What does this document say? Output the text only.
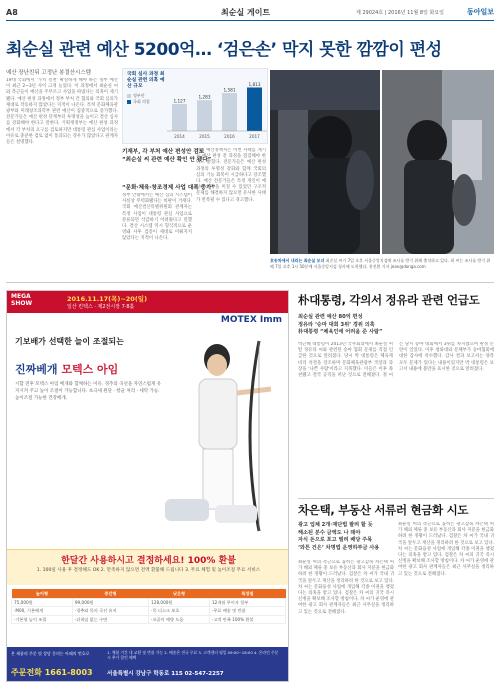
A8	최순실 게이트	제 29024호 | 2016년 11월 8일 화요일	동아일보
최순실 관련 예산 5200억… ‘검은손’ 막지 못한 깜깜이 편성
예산 장난친뒤 고정난 봉결산시스템
19대 국회에서 '가치 실천' 확실하게 해야 하는 정부 예산이 최근 2~3년 사이 크게 늘었다. 이 과정에서 최순실 씨와 측근들이 예산을 주무르고 사업을 따냈다는 의혹이 제기됐다. 예산 편성 과정에서 정부 부처 간 협의와 국회 심의가 제대로 작동하지 않았다는 지적이 나온다. 특히 문화체육관광부와 미래창조과학부 관련 예산이 집중적으로 증가했다. 전문가들은 예산 편성 단계부터 투명성을 높이고 결산 심사를 강화해야 한다고 말한다. 기획재정부는 예산 편성 과정에서 각 부처의 요구를 검토하지만 대통령 관심 사업이라는 이유로 충분한 검토 없이 통과되는 경우가 많았다고 관계자들은 설명했다.
국회 심사 과정 최순실 관련 의혹 예산 규모
정부안
국회 의결	1,127
2014
1,283
2015
1,581
2016
1,813
2017
기재부, 각 부처 예산 편성안 검토
“최순실 씨 관련 예산 확인 안 됐다”
“문화·체육·창조경제 사업 대폭 증가”
정부 안팎에서는 예산 심의 시스템이 사실상 무력화됐다는 비판이 거세다. 국회 예산결산특별위원회 관계자는 특정 사업이 대통령 관심 사업으로 분류되면 삭감하기 어려웠다고 말했다. 결산 시스템 역시 형식적으로 운영돼 사후 검증이 제대로 이뤄지지 않았다는 지적이 나온다.
국회 예산정책처는 이번 사태를 계기로 예산 편성 전 과정을 점검해야 한다고 밝혔다. 전문가들은 예산 편성 과정의 투명성 강화와 함께 국회의 심의 기능 회복이 시급하다고 강조했다. 예산 전문가들은 특정 개인이 예산에 영향을 미칠 수 있었던 구조적 문제를 해결하지 않으면 유사한 사태가 반복될 수 있다고 경고했다.
호송차에서 내리는 최순실 모녀 최순실 씨가 7일 오후 서울중앙지검에 조사를 받기 위해 출석하고 있다. 최 씨는 조사를 받기 위해 7일 오후 1시 50분께 서울중앙지검 청사에 도착했다. 홍진환 기자 jean@donga.com
MEGA
SHOW
2016.11.17(목)~20(일)
일산 킨텍스 · 제2전시장 7·8홀
MOTEX Imm
기보배가 선택한 늘이 조절되는
진짜베개 모텍스 아임
시합 전후 모텍스 아임 베개와 함께하는 이유. 경추의 곡선을 자연스럽게 유지시켜 주고 높이 조절이 가능합니다. 초극세 원단 · 항균 처리 · 세탁 가능. 높이조절 가능한 건강베개.
한달간 사용하시고 결정하세요! 100% 환불
1. 100일 사용 후 결정해도 OK 2. 만족하지 않으면 전액 환불해 드립니다 3. 무료 체험 및 높이조절 무료 서비스
높이형	중간형	낮은형	특장점
75,000원	99,000원	128,000원	12개월 무이자 할부
·M00, 기본베개	·경추와 목의 곡선 유지	·목 디스크 보호	·무료 배송 및 반품
·기본형 높이 조절	·뒤척임 없는 수면	·코골이 예방 도움	·고객 만족 100% 환불
본 제품의 주문 및 상담 문의는 아래의 번호로
주문전화 1661-8003
1. 체험 기간 내 교환 및 반품 가능 2. 배송은 전국 무료 3. 고객센터 평일 09:00~18:00 4. 온라인 주문 시 추가 할인 혜택
서울특별시 강남구 학동로 115 02-547-2257
朴대통령, 각의서 정유라 관련 언급도
최순실 관련 예산 80억 편성
정유라 ‘승마 대회 3위’ 경위 의혹
朴대통령 “체육인에 어려움 준 사람”
박근혜 대통령이 2013년 국무회의에서 최순실 씨 딸 정유라 씨와 관련된 승마 협회 문제를 직접 언급한 것으로 알려졌다. 당시 박 대통령은 체육계 비리 척결을 강조하며 문화체육관광부 국장과 과장을 '나쁜 사람'이라고 지목했다. 이들은 이후 좌천됐고 결국 공직을 떠난 것으로 전해졌다. 정 씨는 당시 승마 대회에서 3위를 차지했으며 판정 논란이 일었다. 이후 청와대와 문체부가 승마협회에 대한 감사에 착수했다. 감사 결과 보고서는 양측 모두 문제가 있다는 내용이었지만 박 대통령은 보고서 내용에 불만을 표시한 것으로 알려졌다.
차은택, 부동산 서류러 현금화 시도
광고 업체 2개·재단법 팔려 할 듯
해소된 분수 금액도 나 돼야
자식 돈으로 포고 벌려 배당 주목
‘와튼 건은’ 차명법 운영하부금 사용
최순실 씨의 측근으로 꼽히는 광고감독 차은택 씨가 해외 체류 중 보유 부동산과 회사 지분을 현금화하려 한 정황이 드러났다. 검찰은 차 씨가 국내 귀국을 앞두고 재산을 정리하려 한 것으로 보고 있다. 차 씨는 문화융성 사업에 개입해 각종 이권을 챙겼다는 의혹을 받고 있다. 검찰은 차 씨의 귀국 즉시 신병을 확보해 조사할 방침이다. 차 씨가 운영에 관여한 광고 회사 관계자들은 최근 사무실을 정리하고 있는 것으로 전해졌다.
최순실 씨의 측근으로 꼽히는 광고감독 차은택 씨가 해외 체류 중 보유 부동산과 회사 지분을 현금화하려 한 정황이 드러났다. 검찰은 차 씨가 국내 귀국을 앞두고 재산을 정리하려 한 것으로 보고 있다. 차 씨는 문화융성 사업에 개입해 각종 이권을 챙겼다는 의혹을 받고 있다. 검찰은 차 씨의 귀국 즉시 신병을 확보해 조사할 방침이다. 차 씨가 운영에 관여한 광고 회사 관계자들은 최근 사무실을 정리하고 있는 것으로 전해졌다.
